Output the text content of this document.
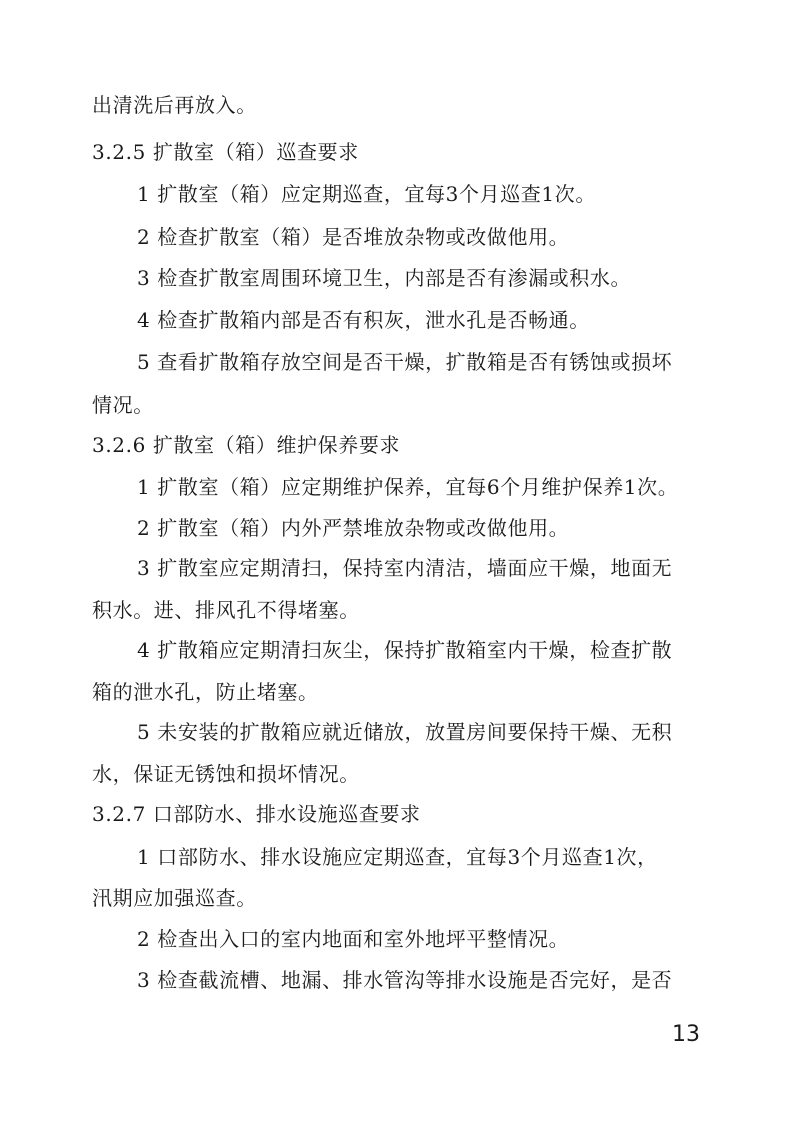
出清洗后再放入。
3.2.5 扩散室（箱）巡查要求
1 扩散室（箱）应定期巡查，宜每3个月巡查1次。
2 检查扩散室（箱）是否堆放杂物或改做他用。
3 检查扩散室周围环境卫生，内部是否有渗漏或积水。
4 检查扩散箱内部是否有积灰，泄水孔是否畅通。
5 查看扩散箱存放空间是否干燥，扩散箱是否有锈蚀或损坏
情况。
3.2.6 扩散室（箱）维护保养要求
1 扩散室（箱）应定期维护保养，宜每6个月维护保养1次。
2 扩散室（箱）内外严禁堆放杂物或改做他用。
3 扩散室应定期清扫，保持室内清洁，墙面应干燥，地面无
积水。进、排风孔不得堵塞。
4 扩散箱应定期清扫灰尘，保持扩散箱室内干燥，检查扩散
箱的泄水孔，防止堵塞。
5 未安装的扩散箱应就近储放，放置房间要保持干燥、无积
水，保证无锈蚀和损坏情况。
3.2.7 口部防水、排水设施巡查要求
1 口部防水、排水设施应定期巡查，宜每3个月巡查1次，
汛期应加强巡查。
2 检查出入口的室内地面和室外地坪平整情况。
3 检查截流槽、地漏、排水管沟等排水设施是否完好，是否
13
